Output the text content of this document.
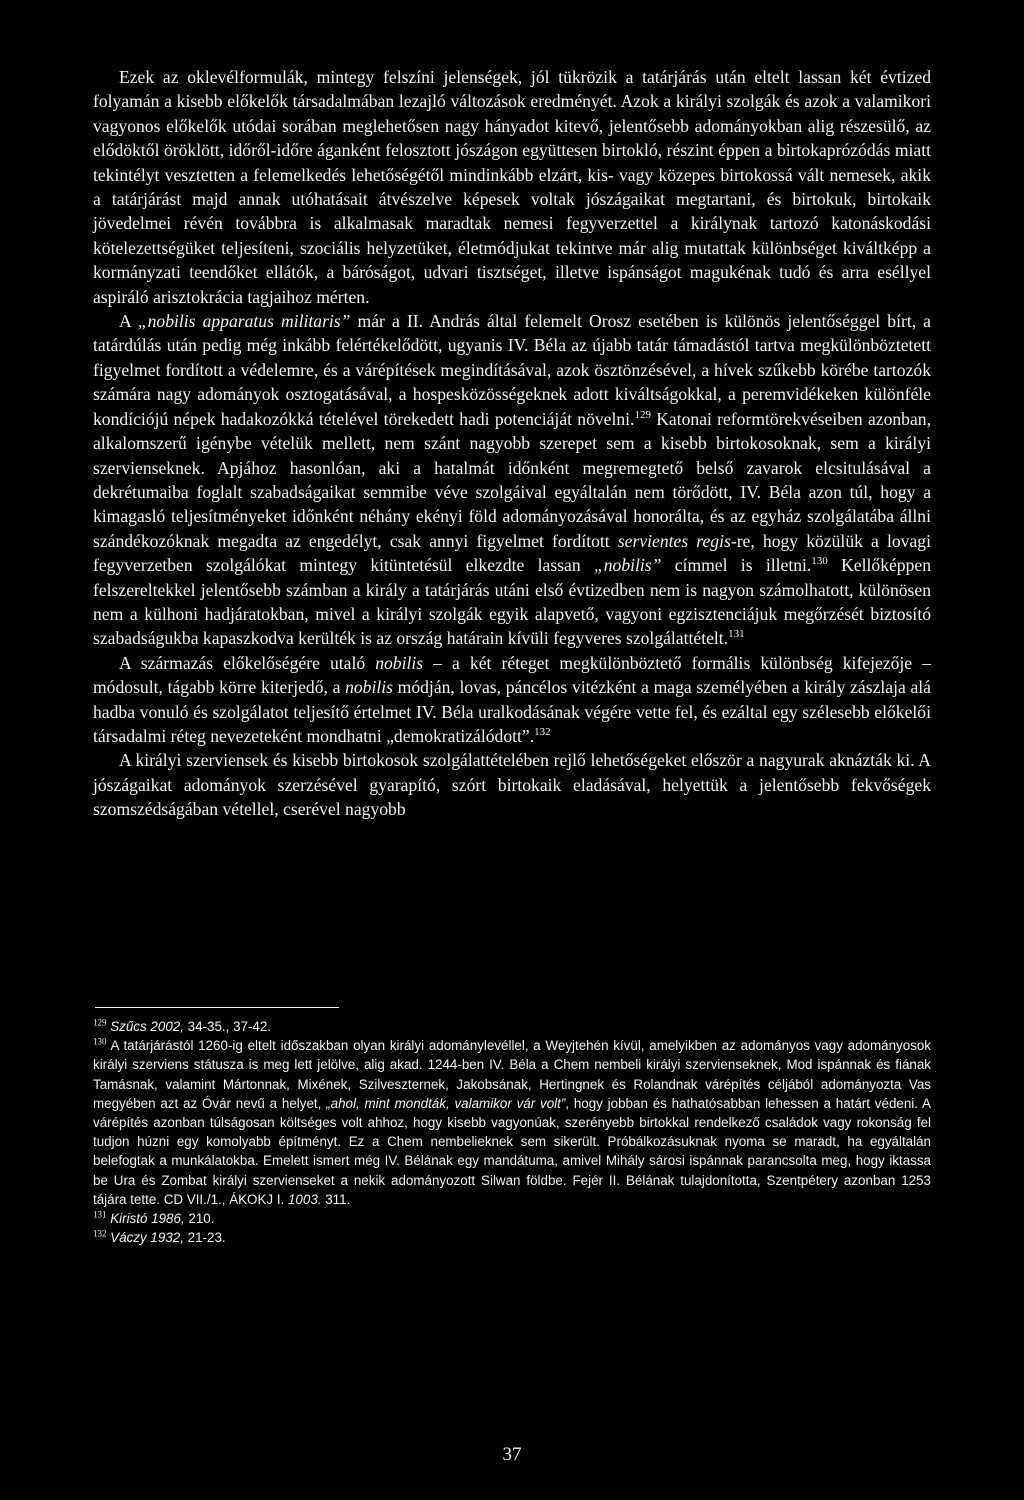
Ezek az oklevélformulák, mintegy felszíni jelenségek, jól tükrözik a tatárjárás után eltelt lassan két évtized folyamán a kisebb előkelők társadalmában lezajló változások eredményét. Azok a királyi szolgák és azok a valamikori vagyonos előkelők utódai sorában meglehetősen nagy hányadot kitevő, jelentősebb adományokban alig részesülő, az elődöktől öröklött, időről-időre áganként felosztott jószágon együttesen birtokló, részint éppen a birtokaprózódás miatt tekintélyt vesztetten a felemelkedés lehetőségétől mindinkább elzárt, kis- vagy közepes birtokossá vált nemesek, akik a tatárjárást majd annak utóhatásait átvészelve képesek voltak jószágaikat megtartani, és birtokuk, birtokaik jövedelmei révén továbbra is alkalmasak maradtak nemesi fegyverzettel a királynak tartozó katonáskodási kötelezettségüket teljesíteni, szociális helyzetüket, életmódjukat tekintve már alig mutattak különbséget kiváltképp a kormányzati teendőket ellátók, a báróságot, udvari tisztséget, illetve ispánságot magukénak tudó és arra eséllyel aspiráló arisztokrácia tagjaihoz mérten.

A „nobilis apparatus militaris” már a II. András által felemelt Orosz esetében is különös jelentőséggel bírt, a tatárdúlás után pedig még inkább felértékelődött, ugyanis IV. Béla az újabb tatár támadástól tartva megkülönböztetett figyelmet fordított a védelemre, és a várépítések megindításával, azok ösztönzésével, a hívek szűkebb körébe tartozók számára nagy adományok osztogatásával, a hospesközösségeknek adott kiváltságokkal, a peremvidékeken különféle kondíciójú népek hadakozókká tételével törekedett hadi potenciáját növelni.$^{129}$ Katonai reformtörekvéseiben azonban, alkalomszerű igénybe vételük mellett, nem szánt nagyobb szerepet sem a kisebb birtokosoknak, sem a királyi szervienseknek. Apjához hasonlóan, aki a hatalmát időnként megremegtető belső zavarok elcsitulásával a dekrétumaiba foglalt szabadságaikat semmibe véve szolgáival egyáltalán nem törődött, IV. Béla azon túl, hogy a kimagasló teljesítményeket időnként néhány ekényi föld adományozásával honorálta, és az egyház szolgálatába állni szándékozóknak megadta az engedélyt, csak annyi figyelmet fordított servientes regis-re, hogy közülük a lovagi fegyverzetben szolgálókat mintegy kitüntetésül elkezdte lassan „nobilis” címmel is illetni.$^{130}$ Kellőképpen felszereltekkel jelentősebb számban a király a tatárjárás utáni első évtizedben nem is nagyon számolhatott, különösen nem a külhoni hadjáratokban, mivel a királyi szolgák egyik alapvető, vagyoni egzisztenciájuk megőrzését biztosító szabadságukba kapaszkodva kerülték is az ország határain kívüli fegyveres szolgálattételt.$^{131}$

A származás előkelőségére utaló nobilis – a két réteget megkülönböztető formális különbség kifejezője – módosult, tágabb körre kiterjedő, a nobilis módján, lovas, páncélos vitézként a maga személyében a király zászlaja alá hadba vonuló és szolgálatot teljesítő értelmet IV. Béla uralkodásának végére vette fel, és ezáltal egy szélesebb előkelői társadalmi réteg nevezeteként mondhatni „demokratizálódott”.$^{132}$

A királyi szerviensek és kisebb birtokosok szolgálattételében rejlő lehetőségeket először a nagyurak aknázták ki. A jószágaikat adományok szerzésével gyarapító, szórt birtokaik eladásával, helyettük a jelentősebb fekvőségek szomszédságában vétellel, cserével nagyobb

$^{129}$ Szűcs 2002, 34-35., 37-42.
$^{130}$ A tatárjárástól 1260-ig eltelt időszakban olyan királyi adománylevéllel, a Weyjtehén kívül, amelyikben az adományos vagy adományosok királyi szerviens státusza is meg lett jelölve, alig akad. 1244-ben IV. Béla a Chem nembeli királyi szervienseknek, Mod ispánnak és fiának Tamásnak, valamint Mártonnak, Mixének, Szilveszternek, Jakobsának, Hertingnek és Rolandnak várépítés céljából adományozta Vas megyében azt az Óvár nevű a helyet, „ahol, mint mondták, valamikor vár volt”, hogy jobban és hathatósabban lehessen a határt védeni. A várépítés azonban túlságosan költséges volt ahhoz, hogy kisebb vagyonúak, szerényebb birtokkal rendelkező családok vagy rokonság fel tudjon húzni egy komolyabb építményt. Ez a Chem nembelieknek sem sikerült. Próbálkozásuknak nyoma se maradt, ha egyáltalán belefogtak a munkálatokba. Emelett ismert még IV. Bélának egy mandátuma, amivel Mihály sárosi ispánnak parancsolta meg, hogy iktassa be Ura és Zombat királyi szervienseket a nekik adományozott Silwan földbe. Fejér II. Bélának tulajdonította, Szentpétery azonban 1253 tájára tette. CD VII./1., ÁKOKJ I. 1003. 311.
$^{131}$ Kiristó 1986, 210.
$^{132}$ Váczy 1932, 21-23.
37
